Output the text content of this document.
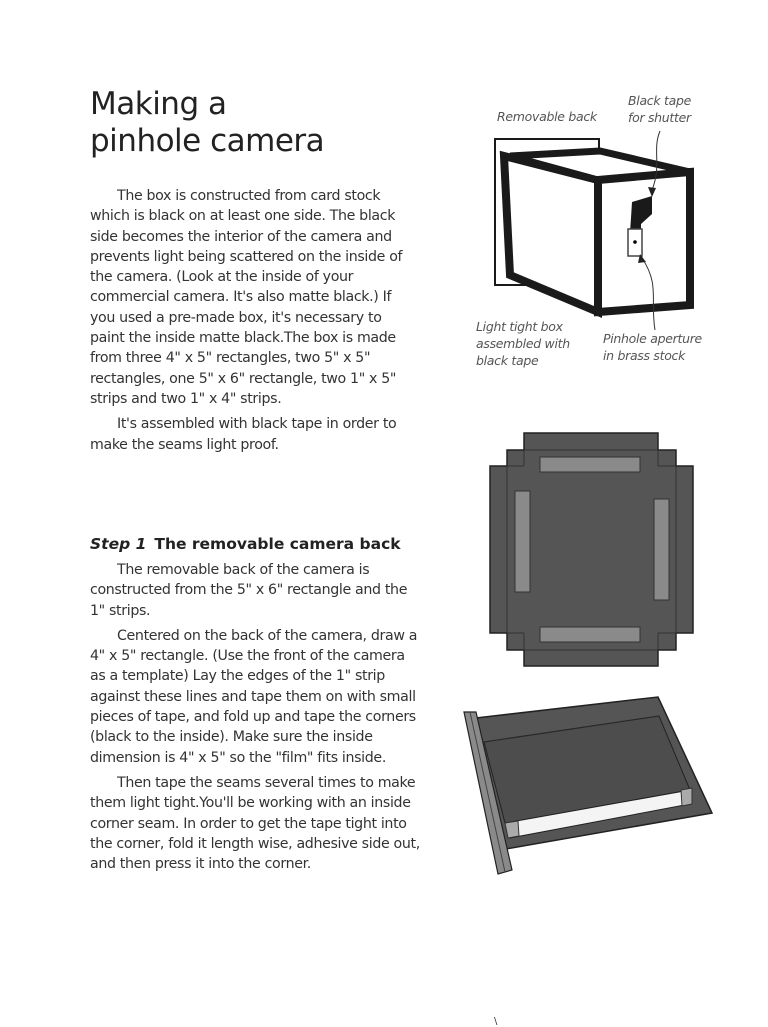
Making a
pinhole camera

The box is constructed from card stock which is black on at least one side. The black side becomes the interior of the camera and prevents light being scattered on the inside of the camera. (Look at the inside of your commercial camera. It's also matte black.) If you used a pre-made box, it's necessary to paint the inside matte black.The box is made from three 4" x 5" rectangles, two 5" x 5" rectangles, one 5" x 6" rectangle, two 1" x 5" strips and two 1" x 4" strips.

It's assembled with black tape in order to make the seams light proof.

Step 1 The removable camera back

The removable back of the camera is constructed from the 5" x 6" rectangle and the 1" strips.

Centered on the back of the camera, draw a 4" x 5" rectangle. (Use the front of the camera as a template) Lay the edges of the 1" strip against these lines and tape them on with small pieces of tape, and fold up and tape the corners (black to the inside). Make sure the inside dimension is 4" x 5" so the "film" fits inside.

Then tape the seams several times to make them light tight.You'll be working with an inside corner seam. In order to get the tape tight into the corner, fold it length wise, adhesive side out, and then press it into the corner.

Removable back
Black tape
for shutter
Light tight box
assembled with
black tape
Pinhole aperture
in brass stock
\
